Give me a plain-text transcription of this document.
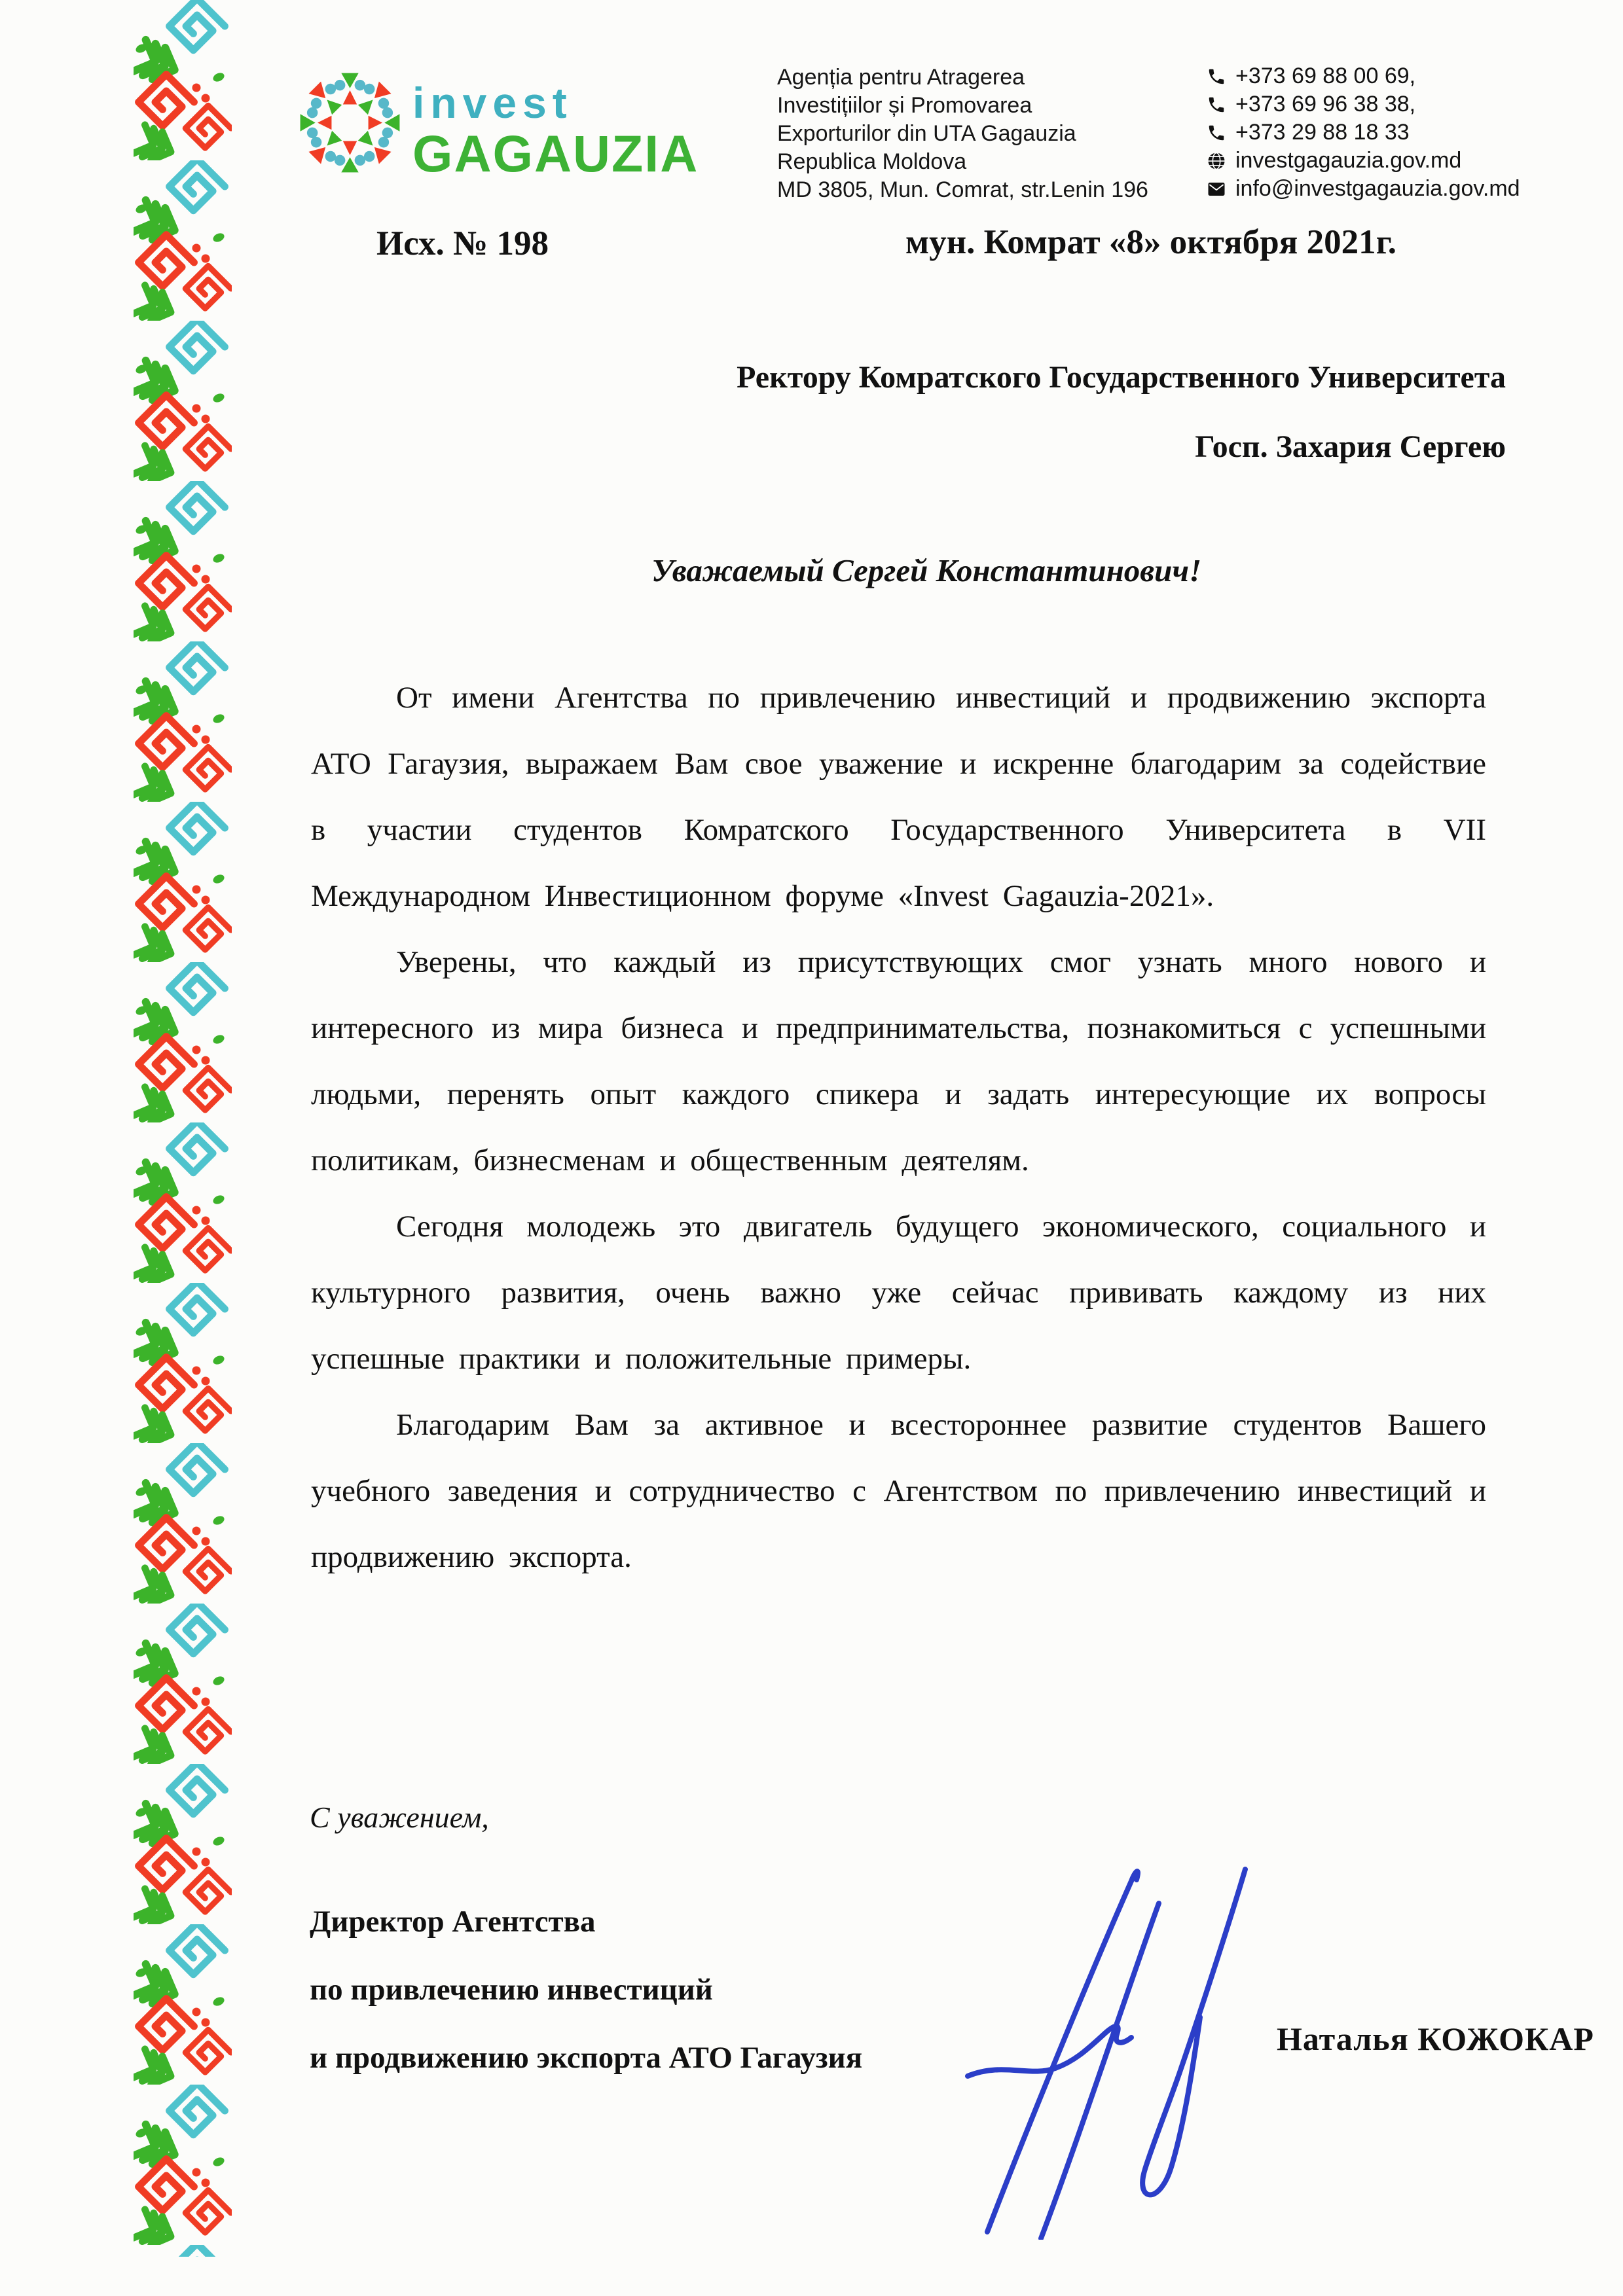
invest
GAGAUZIA
Agenția pentru Atragerea
Investițiilor și Promovarea
Exporturilor din UTA Gagauzia
Republica Moldova
MD 3805, Mun. Comrat, str.Lenin 196
+373 69 88 00 69,
+373 69 96 38 38,
+373 29 88 18 33
investgagauzia.gov.md
info@investgagauzia.gov.md
Исх. № 198	мун. Комрат «8» октября 2021г.
Ректору Комратского Государственного Университета
Госп. Захария Сергею
Уважаемый Сергей Константинович!

От имени Агентства по привлечению инвестиций и продвижению экспорта АТО Гагаузия, выражаем Вам свое уважение и искренне благодарим за содействие в участии студентов Комратского Государственного Университета в VII Международном Инвестиционном форуме «Invest Gagauzia-2021».

Уверены, что каждый из присутствующих смог узнать много нового и интересного из мира бизнеса и предпринимательства, познакомиться с успешными людьми, перенять опыт каждого спикера и задать интересующие их вопросы политикам, бизнесменам и общественным деятелям.

Сегодня молодежь это двигатель будущего экономического, социального и культурного развития, очень важно уже сейчас прививать каждому из них успешные практики и положительные примеры.

Благодарим Вам за активное и всестороннее развитие студентов Вашего учебного заведения и сотрудничество с Агентством по привлечению инвестиций и продвижению экспорта.

С уважением,
Директор Агентства
по привлечению инвестиций
и продвижению экспорта АТО Гагаузия
Наталья КОЖОКАР
